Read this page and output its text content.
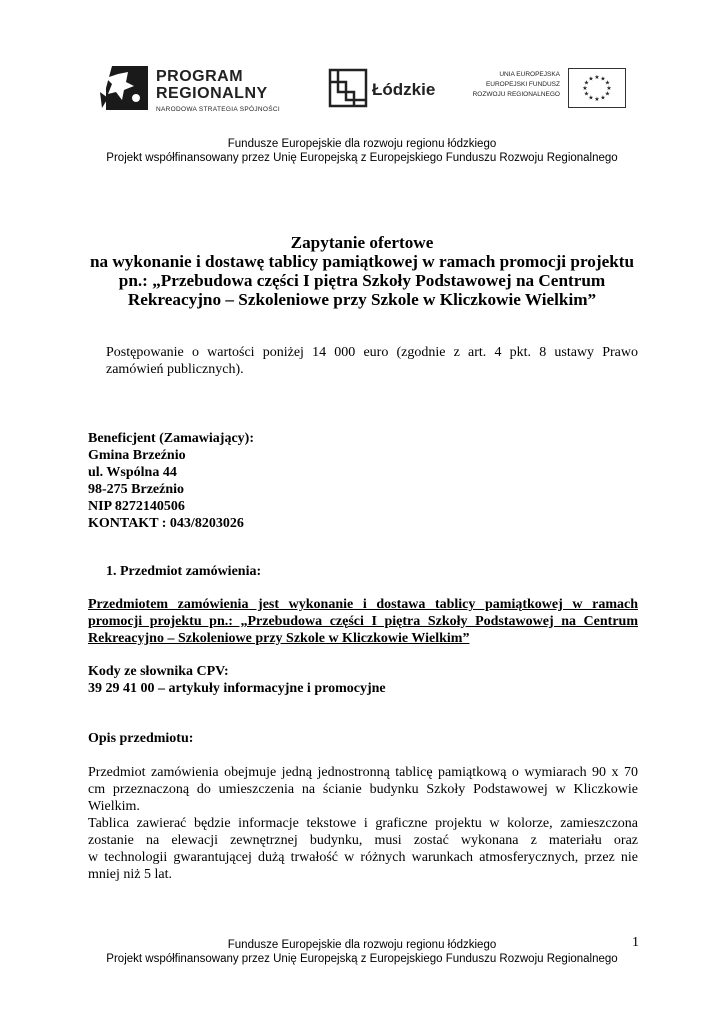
PROGRAM
REGIONALNY
NARODOWA STRATEGIA SPÓJNOŚCI
Łódzkie
UNIA EUROPEJSKA
EUROPEJSKI FUNDUSZ
ROZWOJU REGIONALNEGO
★ ★
★
★
★
★
★
★
★
★
★
★
Fundusze Europejskie dla rozwoju regionu łódzkiego
Projekt współfinansowany przez Unię Europejską z Europejskiego Funduszu Rozwoju Regionalnego
Zapytanie ofertowe
na wykonanie i dostawę tablicy pamiątkowej w ramach promocji projektu
pn.: „Przebudowa części I piętra Szkoły Podstawowej na Centrum
Rekreacyjno – Szkoleniowe przy Szkole w Kliczkowie Wielkim”
Postępowanie o wartości poniżej 14 000 euro (zgodnie z art. 4 pkt. 8 ustawy Prawo
zamówień publicznych).
Beneficjent (Zamawiający):
Gmina Brzeźnio
ul. Wspólna 44
98-275 Brzeźnio
NIP 8272140506
KONTAKT : 043/8203026
1. Przedmiot zamówienia:
Przedmiotem zamówienia jest wykonanie i dostawa tablicy pamiątkowej w ramach
promocji projektu pn.: „Przebudowa części I piętra Szkoły Podstawowej na Centrum
Rekreacyjno – Szkoleniowe przy Szkole w Kliczkowie Wielkim”
Kody ze słownika CPV:
39 29 41 00 – artykuły informacyjne i promocyjne
Opis przedmiotu:
Przedmiot zamówienia obejmuje jedną jednostronną tablicę pamiątkową o wymiarach 90 x 70
cm przeznaczoną do umieszczenia na ścianie budynku Szkoły Podstawowej w Kliczkowie
Wielkim.
Tablica zawierać będzie informacje tekstowe i graficzne projektu w kolorze, zamieszczona
zostanie na elewacji zewnętrznej budynku, musi zostać wykonana z materiału oraz
w technologii gwarantującej dużą trwałość w różnych warunkach atmosferycznych, przez nie
mniej niż 5 lat.
Fundusze Europejskie dla rozwoju regionu łódzkiego
Projekt współfinansowany przez Unię Europejską z Europejskiego Funduszu Rozwoju Regionalnego
1
